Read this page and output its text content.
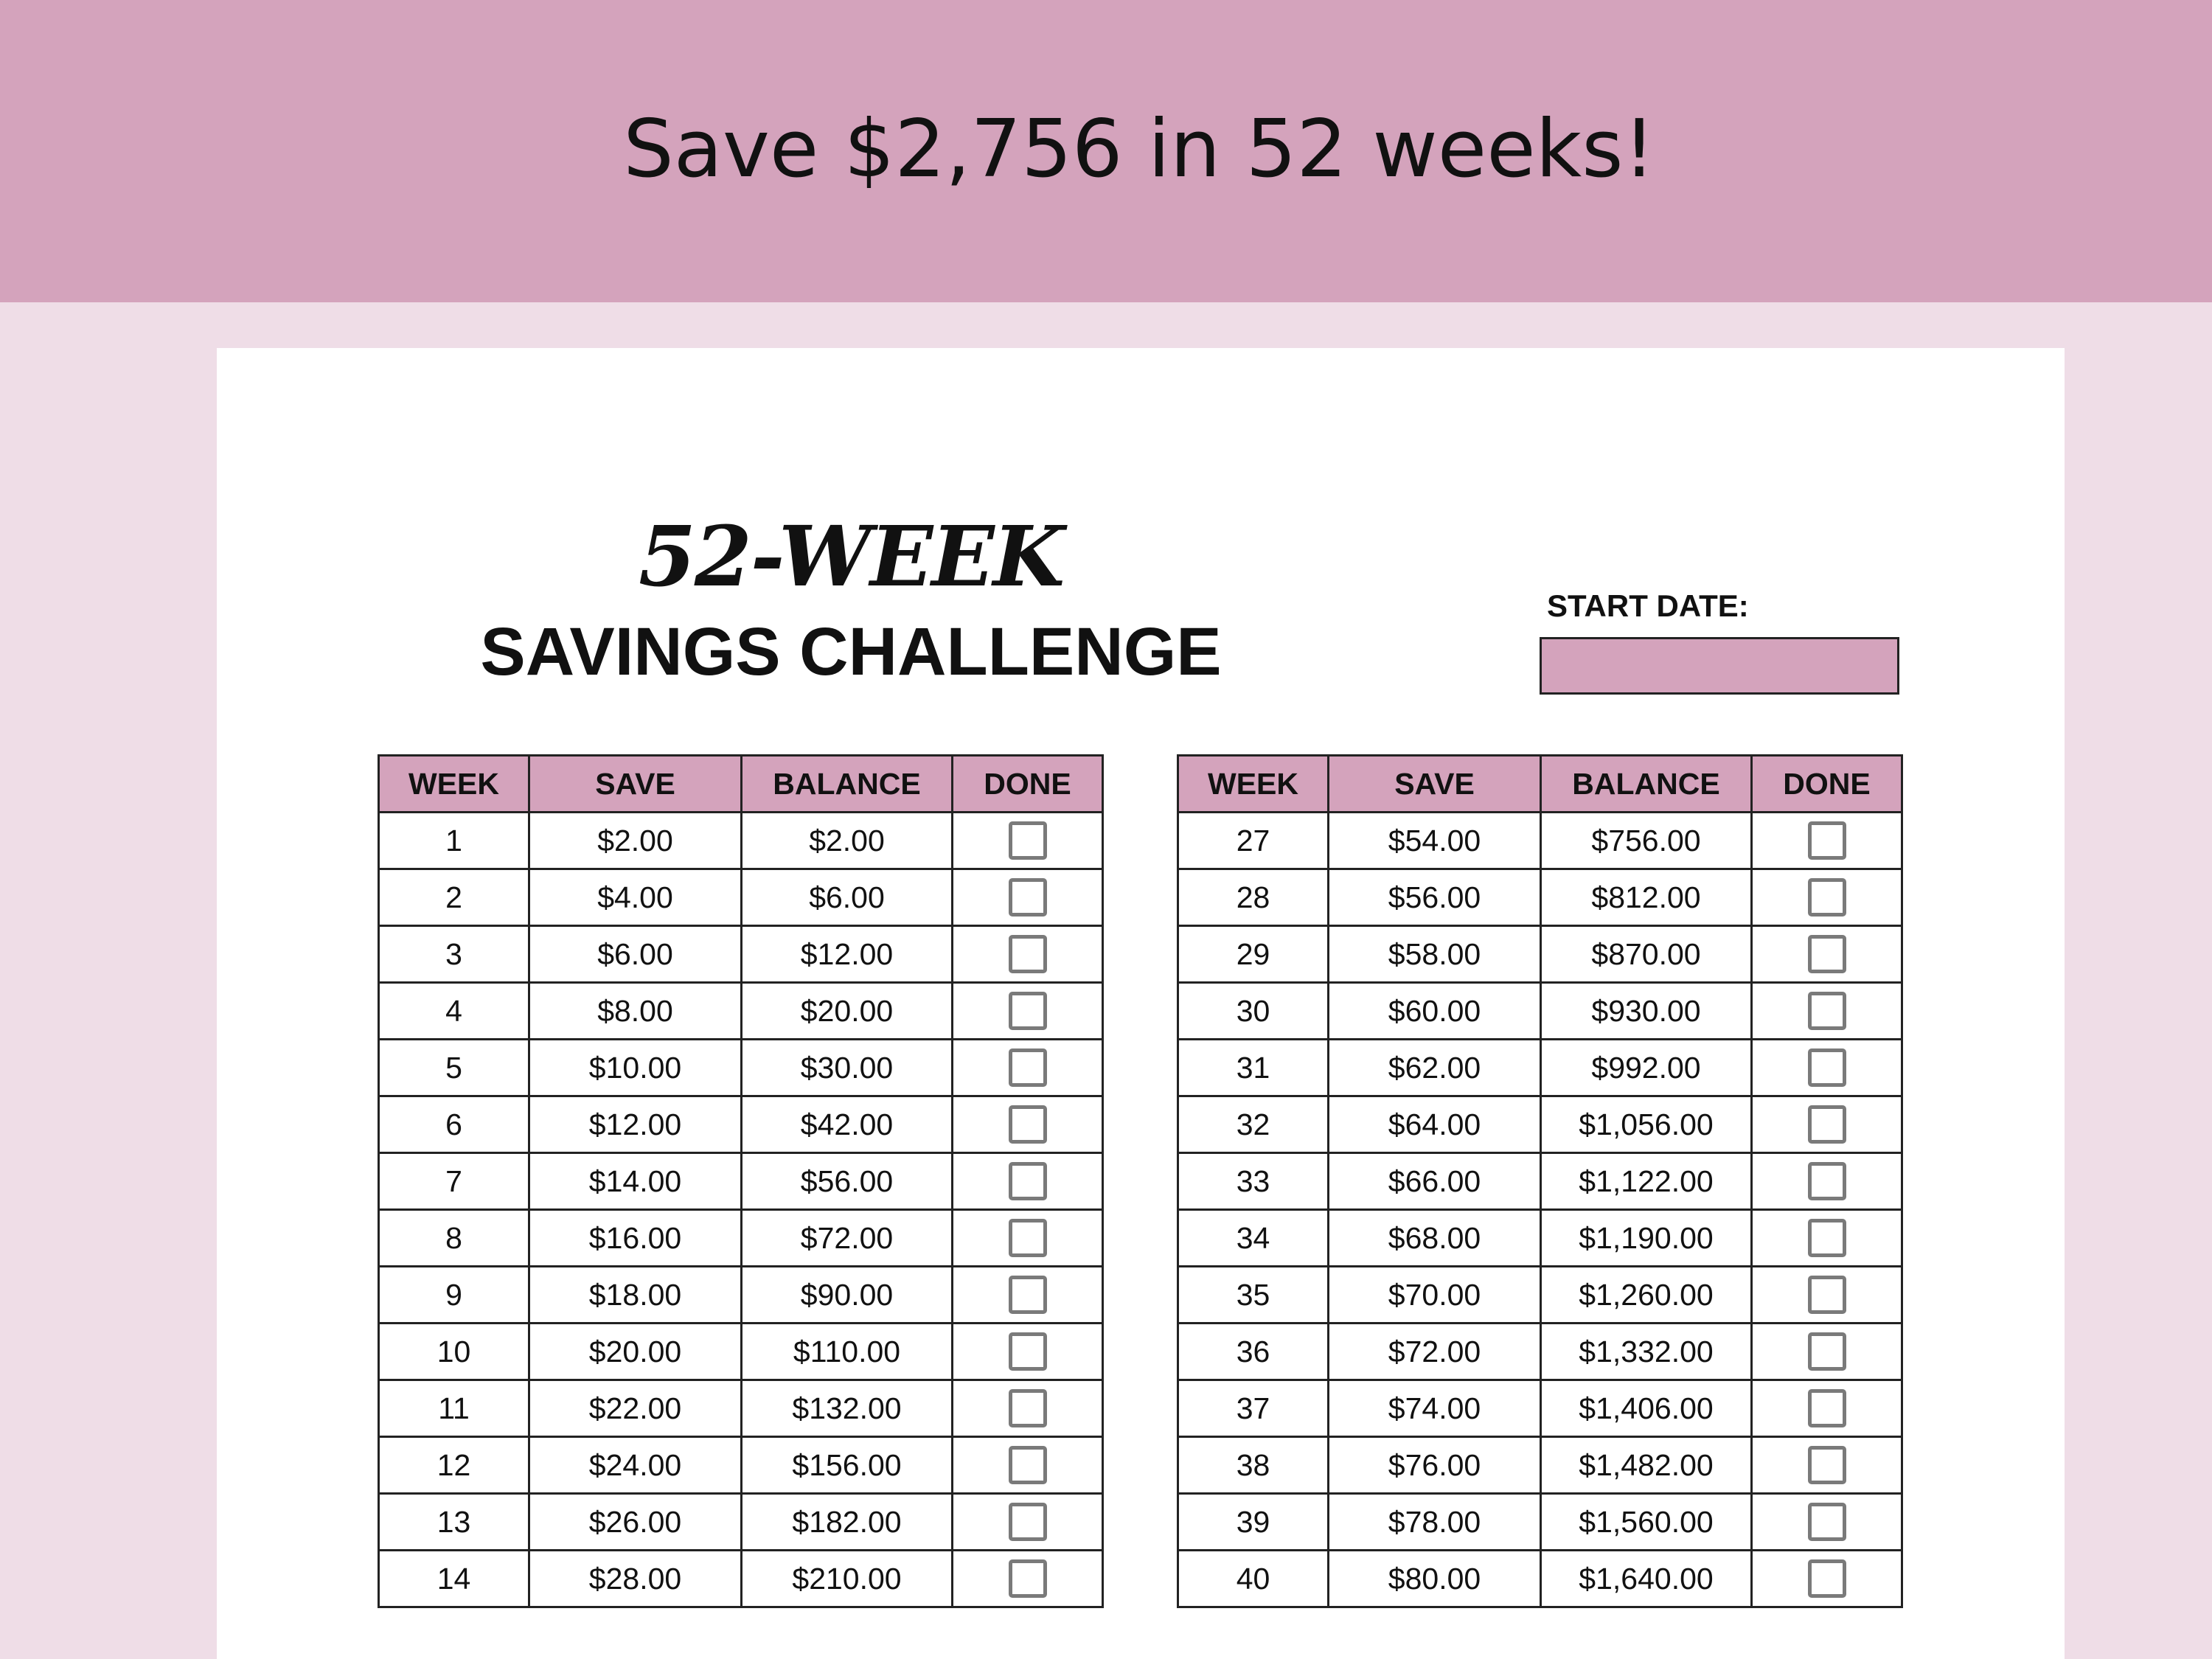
Save $2,756 in 52 weeks!
52-WEEK
SAVINGS CHALLENGE
START DATE:
WEEK	SAVE	BALANCE	DONE
1	$2.00	$2.00	
2	$4.00	$6.00	
3	$6.00	$12.00	
4	$8.00	$20.00	
5	$10.00	$30.00	
6	$12.00	$42.00	
7	$14.00	$56.00	
8	$16.00	$72.00	
9	$18.00	$90.00	
10	$20.00	$110.00	
11	$22.00	$132.00	
12	$24.00	$156.00	
13	$26.00	$182.00	
14	$28.00	$210.00	
WEEK	SAVE	BALANCE	DONE
27	$54.00	$756.00	
28	$56.00	$812.00	
29	$58.00	$870.00	
30	$60.00	$930.00	
31	$62.00	$992.00	
32	$64.00	$1,056.00	
33	$66.00	$1,122.00	
34	$68.00	$1,190.00	
35	$70.00	$1,260.00	
36	$72.00	$1,332.00	
37	$74.00	$1,406.00	
38	$76.00	$1,482.00	
39	$78.00	$1,560.00	
40	$80.00	$1,640.00	
